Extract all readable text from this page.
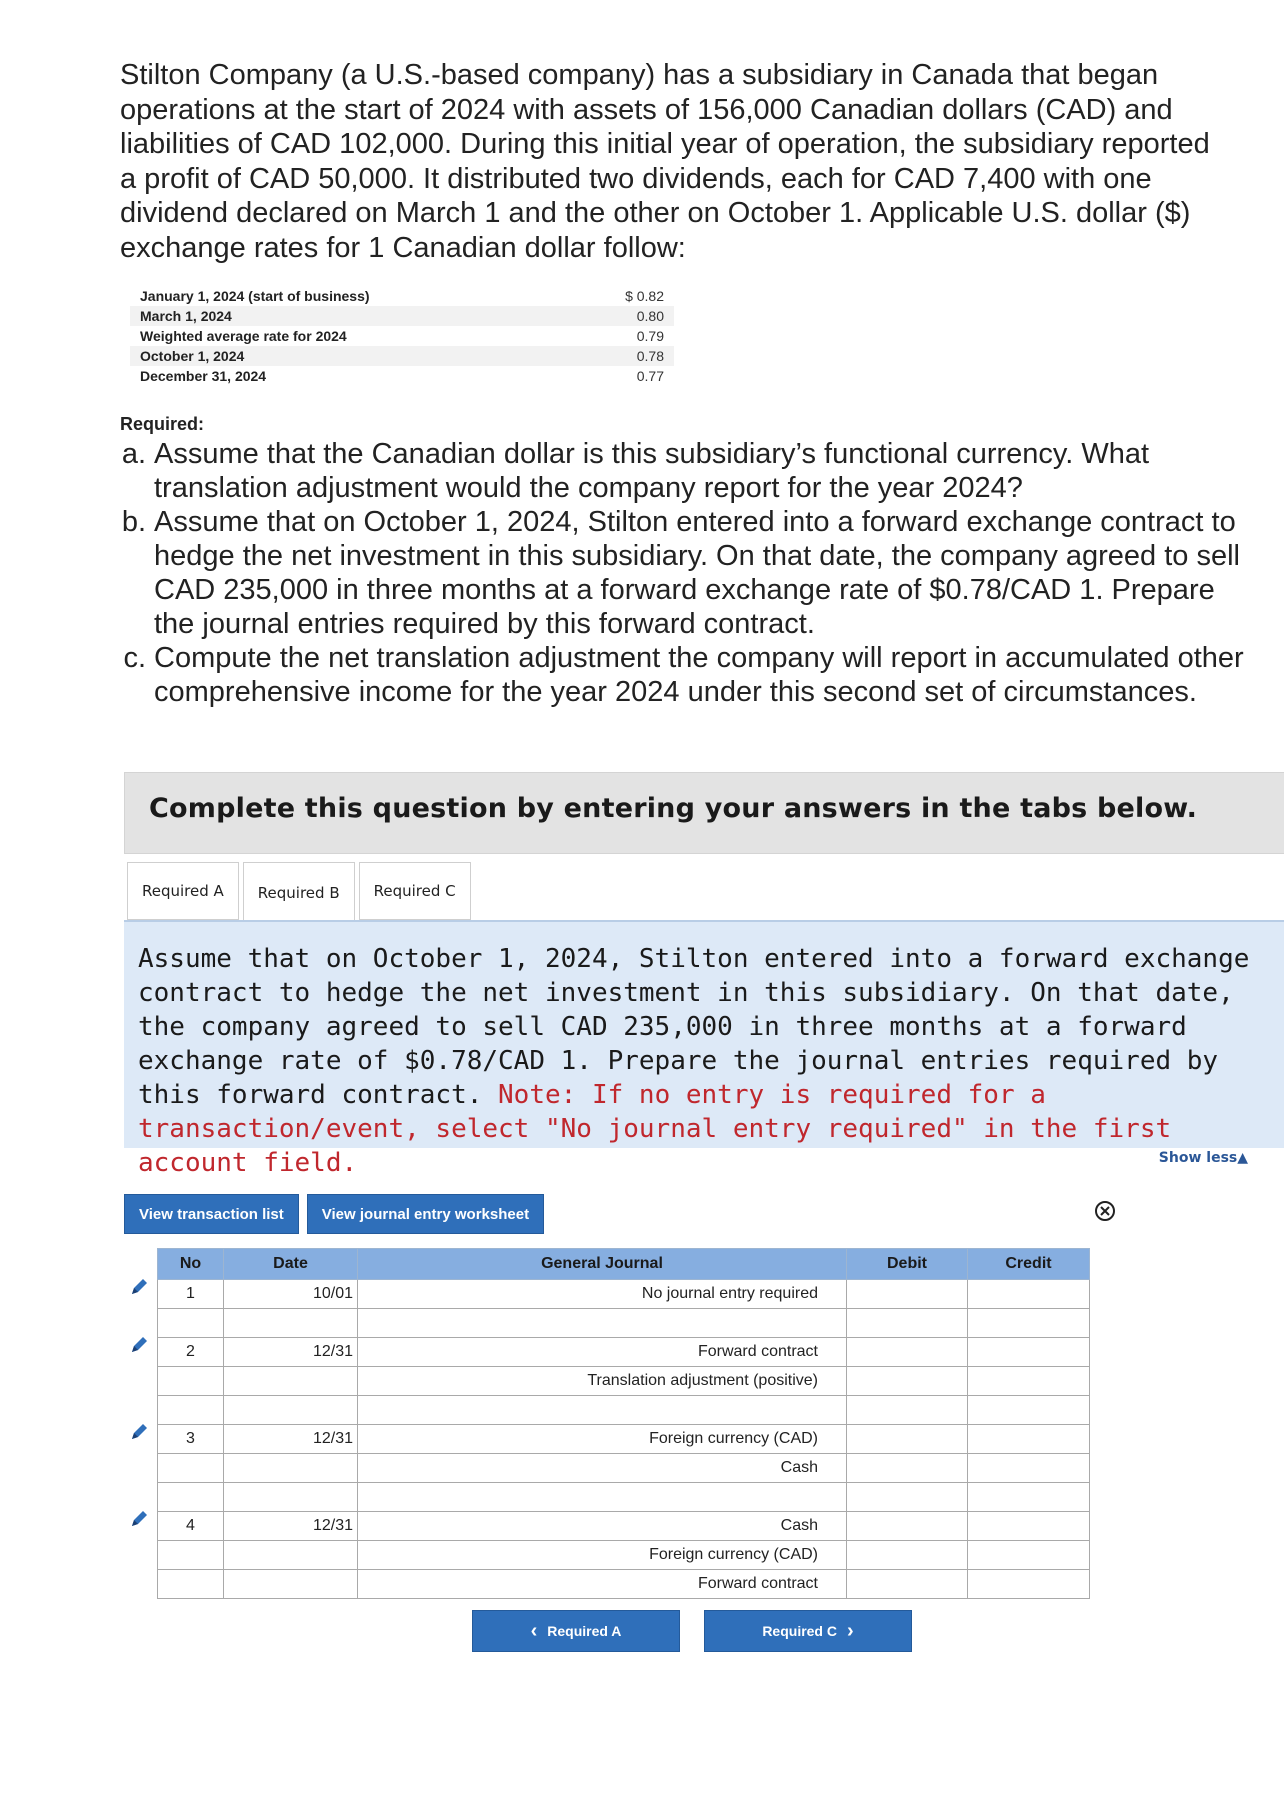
Stilton Company (a U.S.-based company) has a subsidiary in Canada that began operations at the start of 2024 with assets of 156,000 Canadian dollars (CAD) and liabilities of CAD 102,000. During this initial year of operation, the subsidiary reported a profit of CAD 50,000. It distributed two dividends, each for CAD 7,400 with one dividend declared on March 1 and the other on October 1. Applicable U.S. dollar ($) exchange rates for 1 Canadian dollar follow:
January 1, 2024 (start of business)	$ 0.82
March 1, 2024	0.80
Weighted average rate for 2024	0.79
October 1, 2024	0.78
December 31, 2024	0.77
Required:
a. Assume that the Canadian dollar is this subsidiary’s functional currency. What translation adjustment would the company report for the year 2024?
b. Assume that on October 1, 2024, Stilton entered into a forward exchange contract to hedge the net investment in this subsidiary. On that date, the company agreed to sell CAD 235,000 in three months at a forward exchange rate of $0.78/CAD 1. Prepare the journal entries required by this forward contract.
c. Compute the net translation adjustment the company will report in accumulated other comprehensive income for the year 2024 under this second set of circumstances.
Complete this question by entering your answers in the tabs below.
Required A	Required B	Required C
Assume that on October 1, 2024, Stilton entered into a forward exchange contract to hedge the net investment in this subsidiary. On that date, the company agreed to sell CAD 235,000 in three months at a forward exchange rate of $0.78/CAD 1. Prepare the journal entries required by this forward contract. Note: If no entry is required for a transaction/event, select "No journal entry required" in the first account field.	Show less▲
View transaction list	View journal entry worksheet
No	Date	General Journal	Debit	Credit
1	10/01	No journal entry required		

2	12/31	Forward contract		
		Translation adjustment (positive)		

3	12/31	Foreign currency (CAD)		
		Cash		

4	12/31	Cash		
		Foreign currency (CAD)		
		Forward contract		
‹ Required A	Required C ›
